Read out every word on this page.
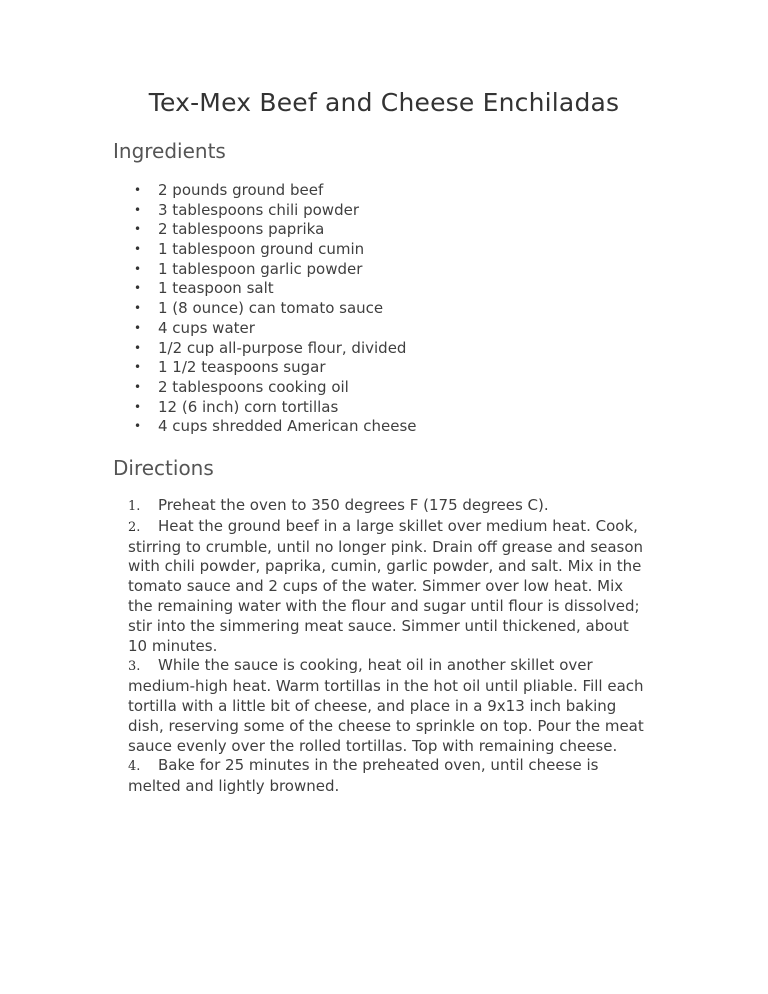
Tex-Mex Beef and Cheese Enchiladas
Ingredients
• 2 pounds ground beef
• 3 tablespoons chili powder
• 2 tablespoons paprika
• 1 tablespoon ground cumin
• 1 tablespoon garlic powder
• 1 teaspoon salt
• 1 (8 ounce) can tomato sauce
• 4 cups water
• 1/2 cup all-purpose flour, divided
• 1 1/2 teaspoons sugar
• 2 tablespoons cooking oil
• 12 (6 inch) corn tortillas
• 4 cups shredded American cheese
Directions
1. Preheat the oven to 350 degrees F (175 degrees C).
2. Heat the ground beef in a large skillet over medium heat. Cook, stirring to crumble, until no longer pink. Drain off grease and season with chili powder, paprika, cumin, garlic powder, and salt. Mix in the tomato sauce and 2 cups of the water. Simmer over low heat. Mix the remaining water with the flour and sugar until flour is dissolved; stir into the simmering meat sauce. Simmer until thickened, about 10 minutes.
3. While the sauce is cooking, heat oil in another skillet over medium-high heat. Warm tortillas in the hot oil until pliable. Fill each tortilla with a little bit of cheese, and place in a 9x13 inch baking dish, reserving some of the cheese to sprinkle on top. Pour the meat sauce evenly over the rolled tortillas. Top with remaining cheese.
4. Bake for 25 minutes in the preheated oven, until cheese is melted and lightly browned.
